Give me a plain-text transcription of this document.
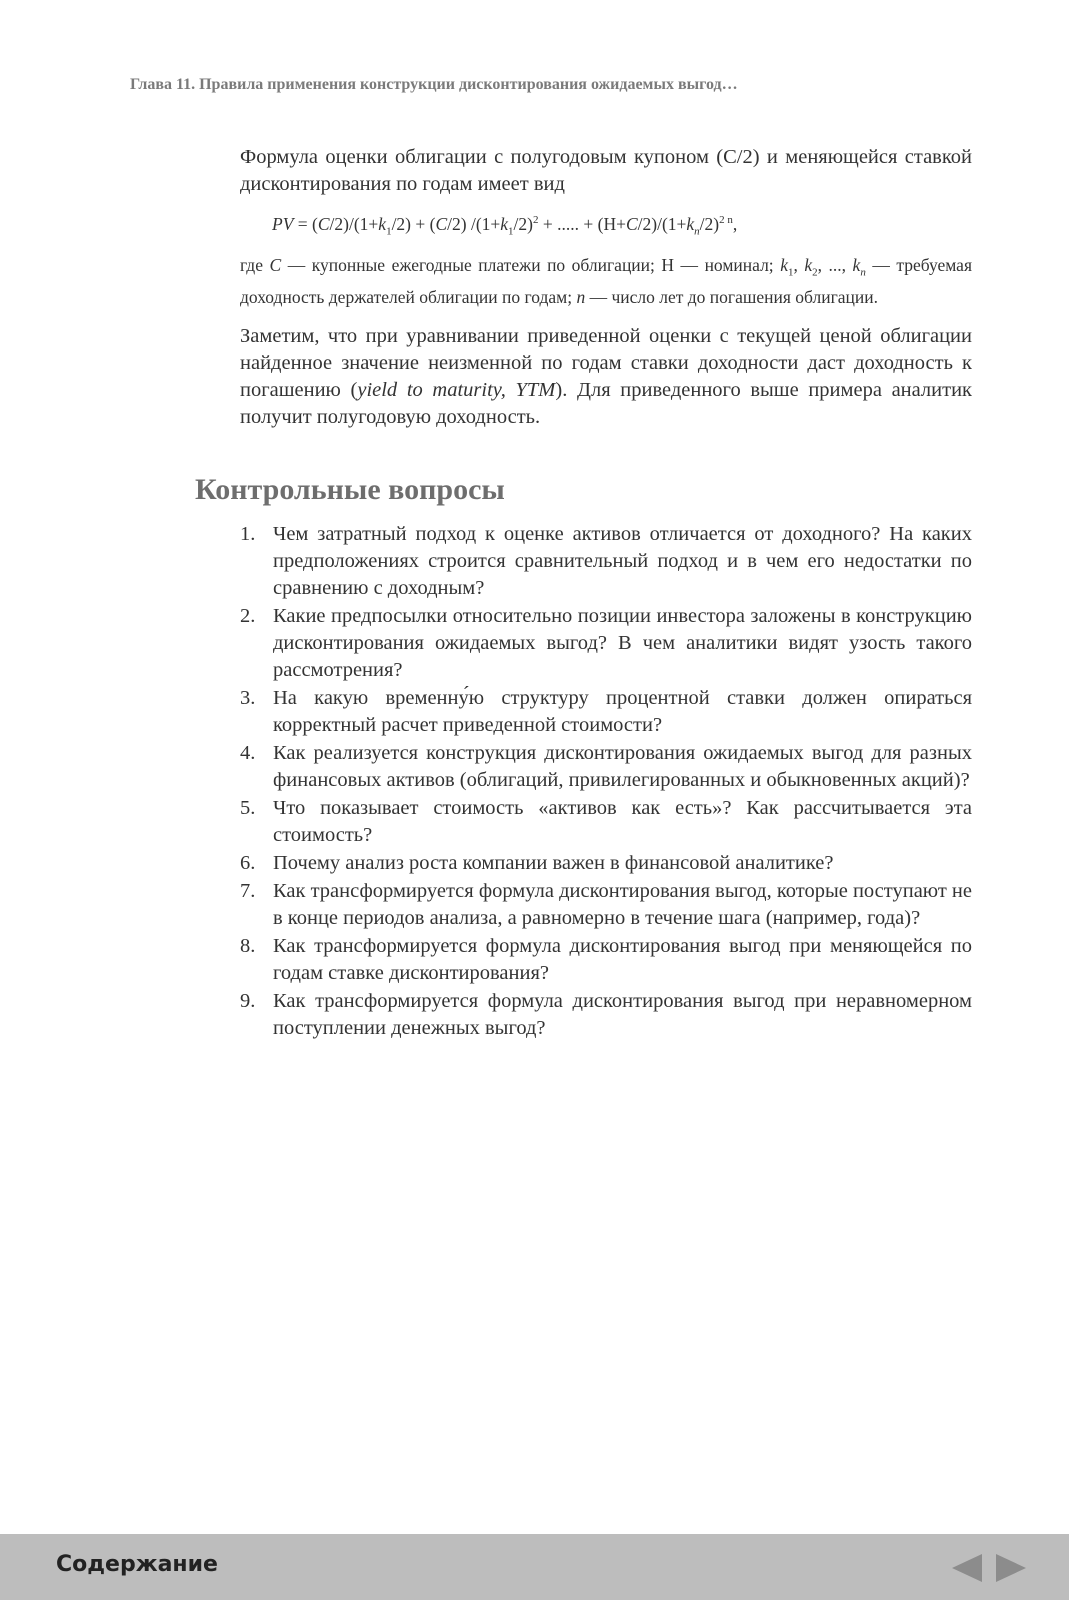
Глава 11. Правила применения конструкции дисконтирования ожидаемых выгод…

Формула оценки облигации с полугодовым купоном (С/2) и меняющейся ставкой дисконтирования по годам имеет вид

PV = $(C/2)/(1+k_1/2) + (C/2) /(1+k_1/2)^2$ + ..... + $(Н+C/2)/(1+k_n/2)^{2 n}$,

где С — купонные ежегодные платежи по облигации; Н — номинал; $k_1$, $k_2$, ..., $k_n$ — требуемая доходность держателей облигации по годам; n — число лет до погашения облигации.

Заметим, что при уравнивании приведенной оценки с текущей ценой облигации найденное значение неизменной по годам ставки доходности даст доходность к погашению (yield to maturity, YTM). Для приведенного выше примера аналитик получит полугодовую доходность.

Контрольные вопросы
1. Чем затратный подход к оценке активов отличается от доходного? На каких предположениях строится сравнительный подход и в чем его недостатки по сравнению с доходным?
2. Какие предпосылки относительно позиции инвестора заложены в конструкцию дисконтирования ожидаемых выгод? В чем аналитики видят узость такого рассмотрения?
3. На какую временну́ю структуру процентной ставки должен опираться корректный расчет приведенной стоимости?
4. Как реализуется конструкция дисконтирования ожидаемых выгод для разных финансовых активов (облигаций, привилегированных и обыкновенных акций)?
5. Что показывает стоимость «активов как есть»? Как рассчитывается эта стоимость?
6. Почему анализ роста компании важен в финансовой аналитике?
7. Как трансформируется формула дисконтирования выгод, которые поступают не в конце периодов анализа, а равномерно в течение шага (например, года)?
8. Как трансформируется формула дисконтирования выгод при меняющейся по годам ставке дисконтирования?
9. Как трансформируется формула дисконтирования выгод при неравномерном поступлении денежных выгод?
Содержание
